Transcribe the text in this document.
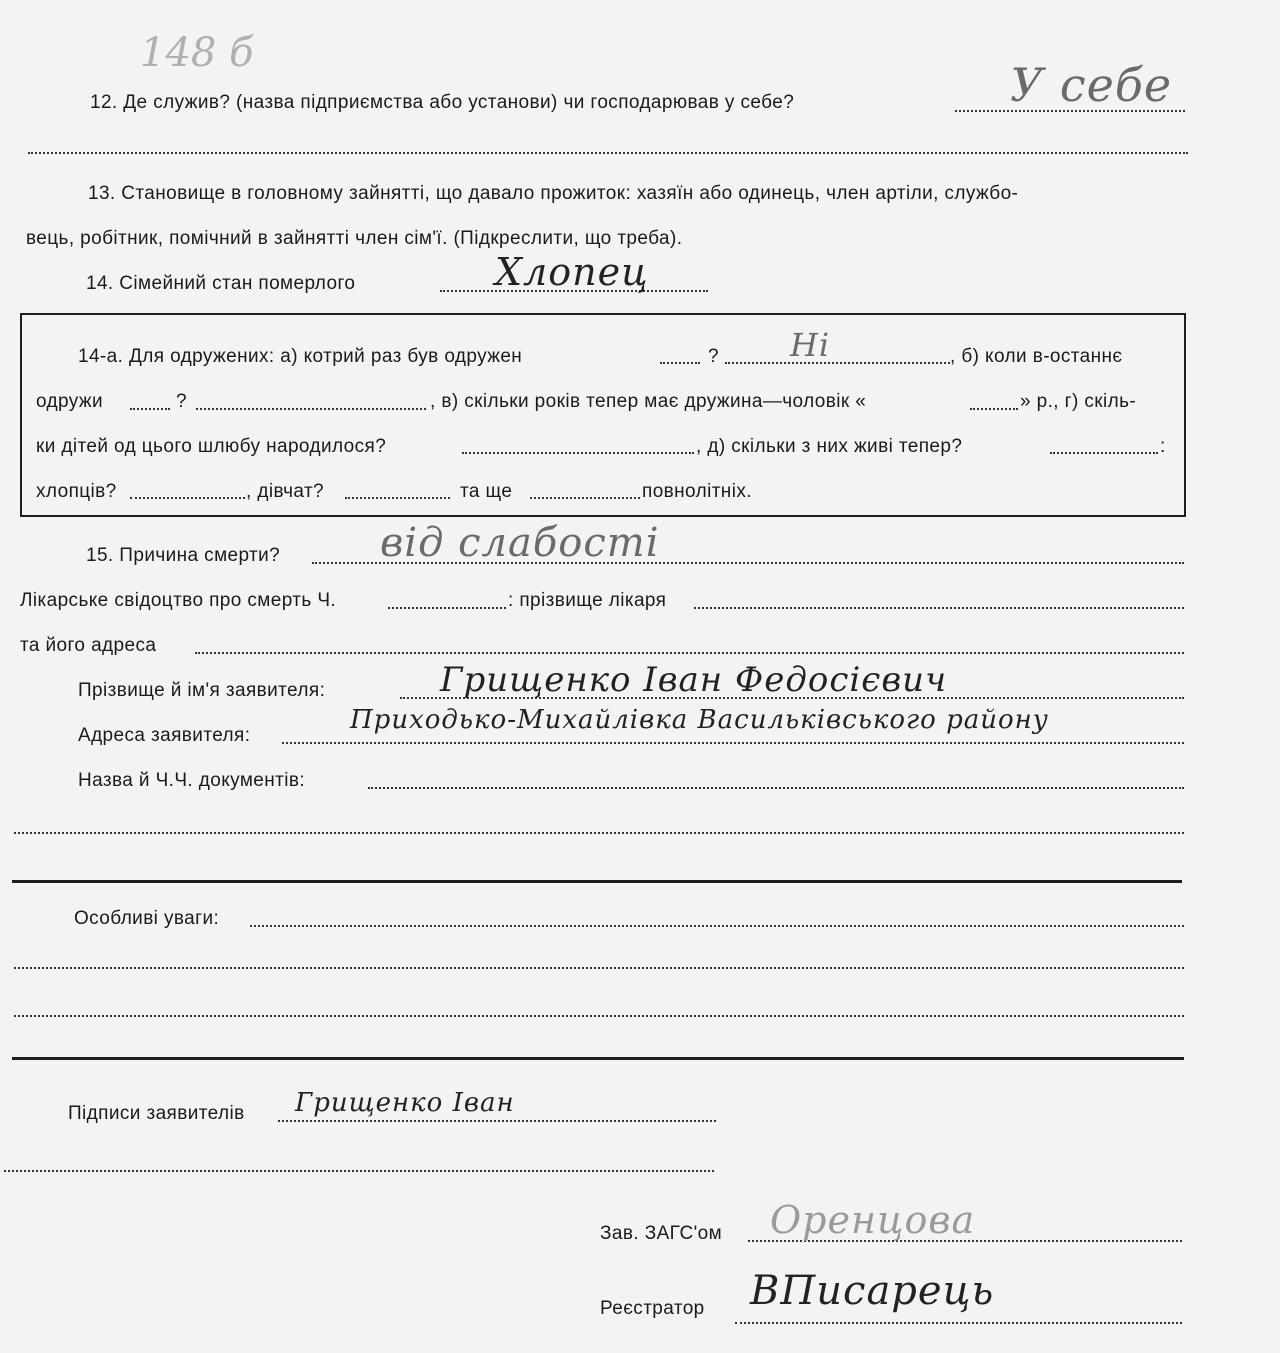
148 б
12. Де служив? (назва підприємства або установи) чи господарював у себе?	У себе
13. Становище в головному зайнятті, що давало прожиток: хазяїн або одинець, член артіли, службо-
вець, робітник, помічний в зайнятті член сім'ї. (Підкреслити, що треба).
14. Сімейний стан померлого	Хлопец
14-а. Для одружених: а) котрий раз був одружен	? Ні	, б) коли в-останнє
одружи	?	, в) скільки років тепер має дружина—чоловік «	» р., г) скіль-
ки дітей од цього шлюбу народилося?	, д) скільки з них живі тепер?	:
хлопців?	, дівчат?	та ще	повнолітніх.
15. Причина смерти? від слабості
Лікарське свідоцтво про смерть Ч.	: прізвище лікаря
та його адреса
Прізвище й ім'я заявителя:	Грищенко Іван Федосієвич
Адреса заявителя:
Приходько-Михайлівка Васильківського району
Назва й Ч.Ч. документів:
Особливі уваги:
Підписи заявителів Грищенко Іван
Зав. ЗАГС'ом Оренцова
Реєстратор ВПисарець
